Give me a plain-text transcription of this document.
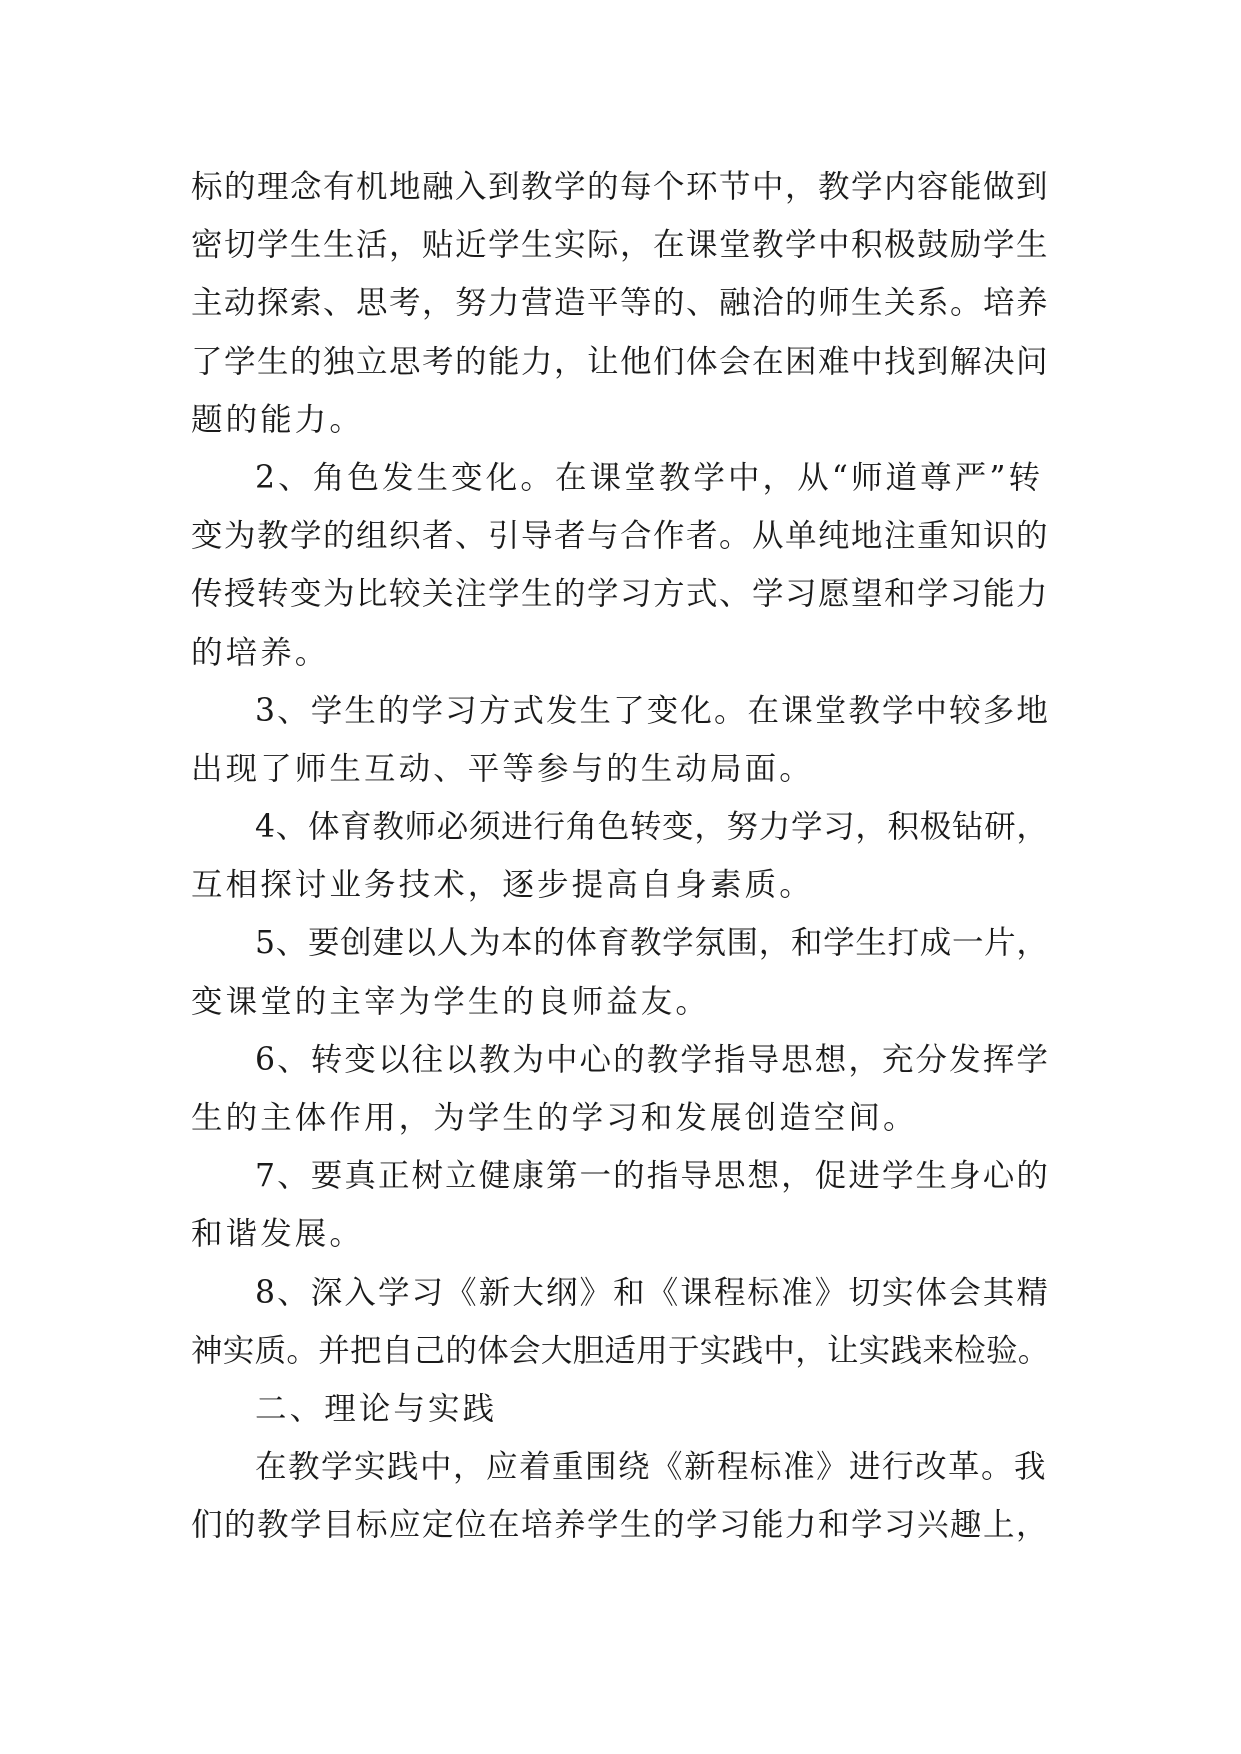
标的理念有机地融入到教学的每个环节中，教学内容能做到
密切学生生活，贴近学生实际，在课堂教学中积极鼓励学生
主动探索、思考，努力营造平等的、融洽的师生关系。培养
了学生的独立思考的能力，让他们体会在困难中找到解决问
题的能力。
2、角色发生变化。在课堂教学中，从“师道尊严”转
变为教学的组织者、引导者与合作者。从单纯地注重知识的
传授转变为比较关注学生的学习方式、学习愿望和学习能力
的培养。
3、学生的学习方式发生了变化。在课堂教学中较多地
出现了师生互动、平等参与的生动局面。
4、体育教师必须进行角色转变，努力学习，积极钻研，
互相探讨业务技术，逐步提高自身素质。
5、要创建以人为本的体育教学氛围，和学生打成一片，
变课堂的主宰为学生的良师益友。
6、转变以往以教为中心的教学指导思想，充分发挥学
生的主体作用，为学生的学习和发展创造空间。
7、要真正树立健康第一的指导思想，促进学生身心的
和谐发展。
8、深入学习《新大纲》和《课程标准》切实体会其精
神实质。并把自己的体会大胆适用于实践中，让实践来检验。
二、理论与实践
在教学实践中，应着重围绕《新程标准》进行改革。我
们的教学目标应定位在培养学生的学习能力和学习兴趣上，
